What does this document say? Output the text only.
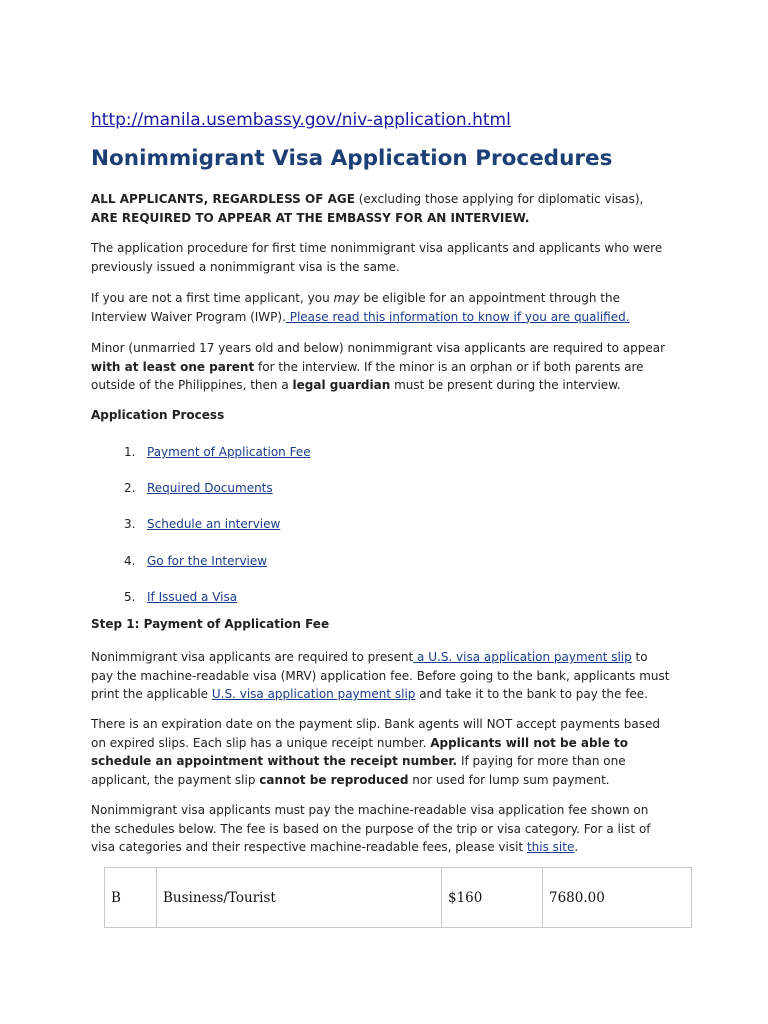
http://manila.usembassy.gov/niv-application.html
Nonimmigrant Visa Application Procedures

ALL APPLICANTS, REGARDLESS OF AGE (excluding those applying for diplomatic visas), ARE REQUIRED TO APPEAR AT THE EMBASSY FOR AN INTERVIEW.

The application procedure for first time nonimmigrant visa applicants and applicants who were previously issued a nonimmigrant visa is the same.

If you are not a first time applicant, you may be eligible for an appointment through the Interview Waiver Program (IWP). Please read this information to know if you are qualified.

Minor (unmarried 17 years old and below) nonimmigrant visa applicants are required to appear with at least one parent for the interview. If the minor is an orphan or if both parents are outside of the Philippines, then a legal guardian must be present during the interview.

Application Process

1. Payment of Application Fee
2. Required Documents
3. Schedule an interview
4. Go for the Interview
5. If Issued a Visa

Step 1: Payment of Application Fee

Nonimmigrant visa applicants are required to present a U.S. visa application payment slip to pay the machine-readable visa (MRV) application fee. Before going to the bank, applicants must print the applicable U.S. visa application payment slip and take it to the bank to pay the fee.

There is an expiration date on the payment slip. Bank agents will NOT accept payments based on expired slips. Each slip has a unique receipt number. Applicants will not be able to schedule an appointment without the receipt number. If paying for more than one applicant, the payment slip cannot be reproduced nor used for lump sum payment.

Nonimmigrant visa applicants must pay the machine-readable visa application fee shown on the schedules below. The fee is based on the purpose of the trip or visa category. For a list of visa categories and their respective machine-readable fees, please visit this site.

B	Business/Tourist	$160	7680.00
